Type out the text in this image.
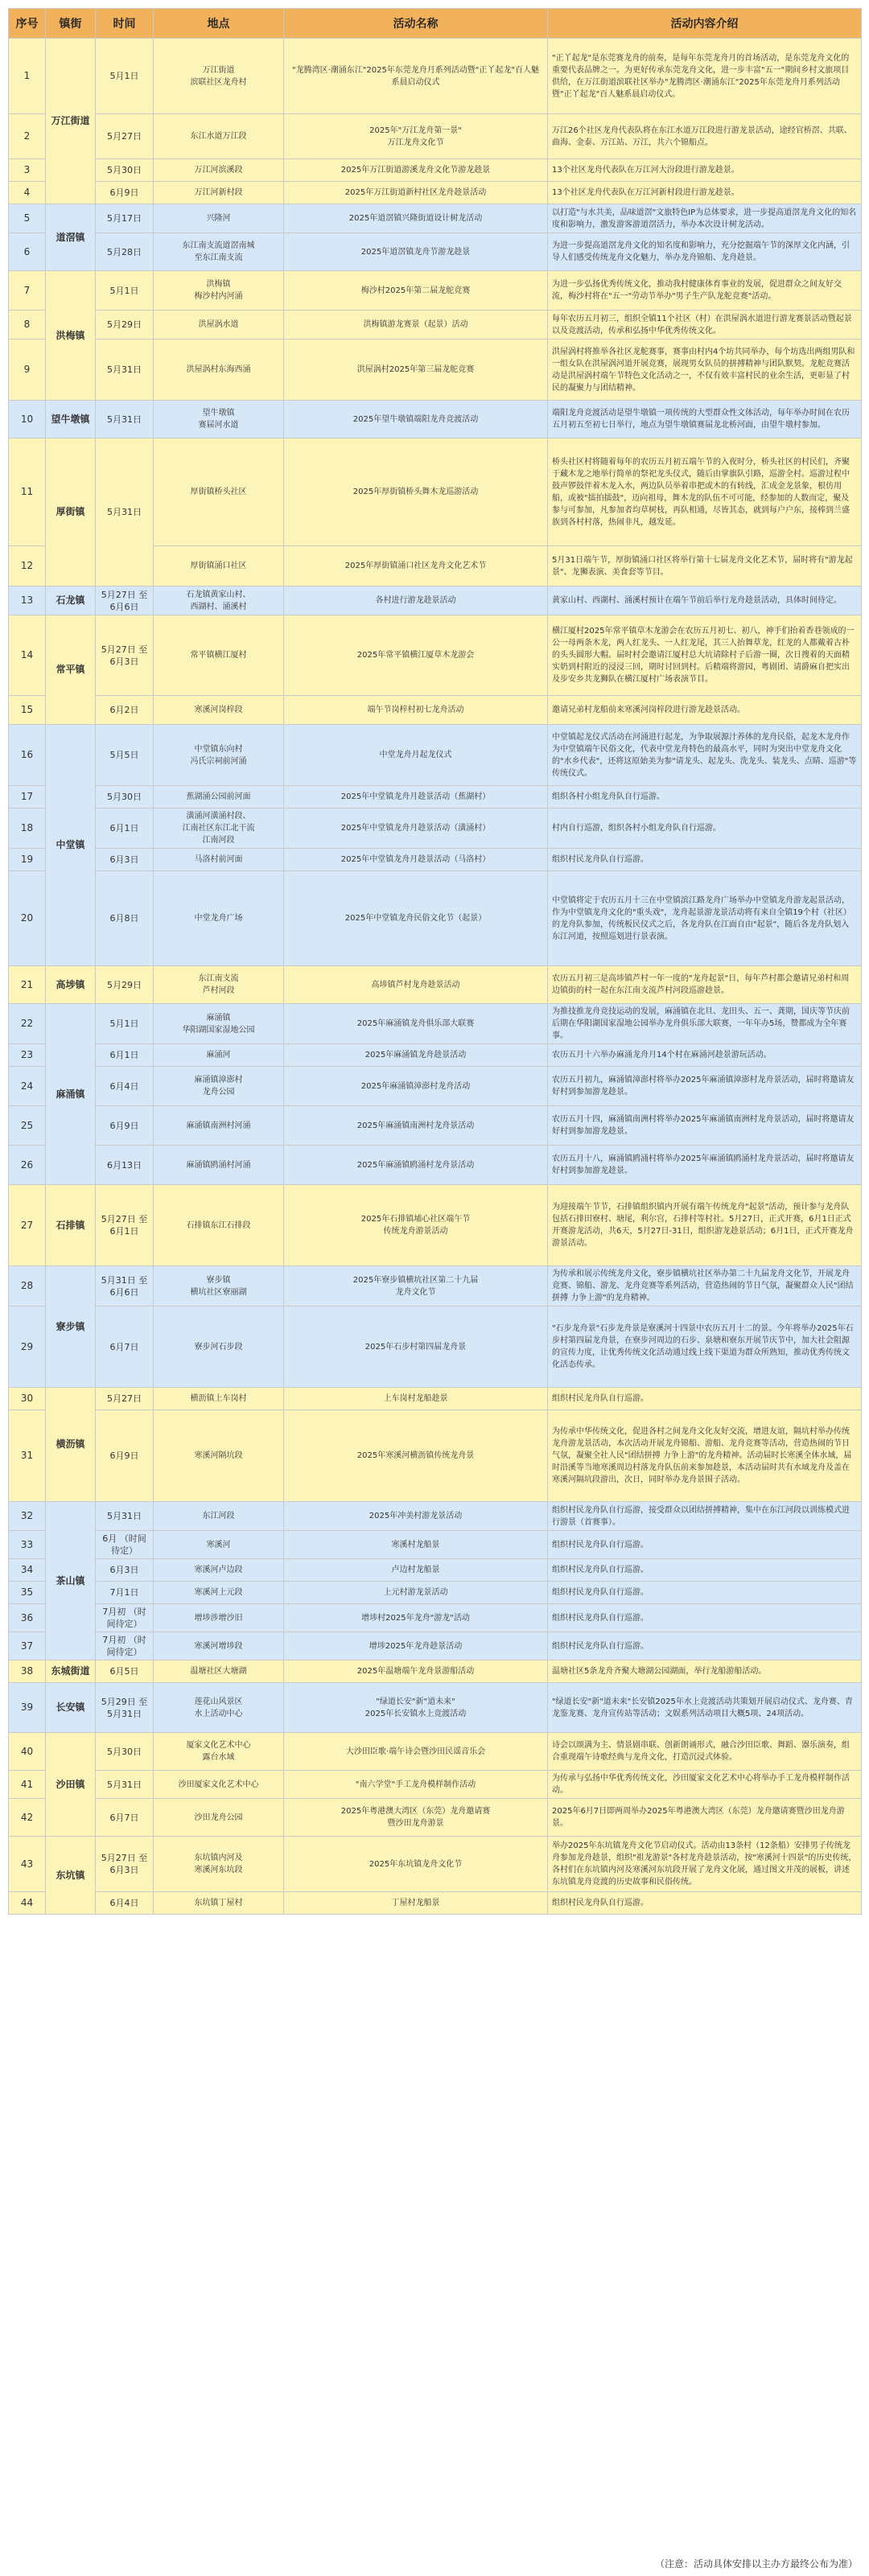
序号	镇街	时间	地点	活动名称	活动内容介绍
1	万江街道	5月1日	万江街道
滨联社区龙舟村	"龙腾湾区·潮涌东江"2025年东莞龙舟月系列活动暨"正丫起龙"百人魅系晨启动仪式	"正丫起龙"是东莞赛龙舟的前奏，是每年东莞龙舟月的首场活动，是东莞龙舟文化的重要代表品牌之一。为更好传承东莞龙舟文化，进一步丰富"五一"期间乡村文旅项目供给，在万江街道滨联社区举办"龙腾湾区·潮涌东江"2025年东莞龙舟月系列活动暨"正丫起龙"百人魅系晨启动仪式。
2		5月27日	东江水道万江段	2025年"万江龙舟第一景"
万江龙舟文化节	万江26个社区龙舟代表队将在东江水道万江段进行游龙景活动，途经官桥滘、共联、曲海、金泰、万江站、万江，共六个锦船点。
3		5月30日	万江河滨溪段	2025年万江街道游溪龙舟文化节游龙趁景	13个社区龙舟代表队在万江河大汾段进行游龙趁景。
4		6月9日	万江河新村段	2025年万江街道新村社区龙舟趁景活动	13个社区龙舟代表队在万江河新村段进行游龙趁景。
5	道滘镇	5月17日	兴隆河	2025年道滘镇兴隆街道设计树龙活动	以打造"与水共美，品味道滘"文旅特色IP为总体要求，进一步提高道滘龙舟文化的知名度和影响力，激发游客游道滘活力，举办本次设计树龙活动。
6		5月28日	东江南支流道滘南城
至东江南支流	2025年道滘镇龙舟节游龙趁景	为进一步提高道滘龙舟文化的知名度和影响力，充分挖掘端午节的深厚文化内涵，引导人们感受传统龙舟文化魅力，举办龙舟锦船、龙舟趁景。
7	洪梅镇	5月1日	洪梅镇
梅沙村内河涌	梅沙村2025年第二届龙舵竞赛	为进一步弘扬优秀传统文化，推动我村健康体育事业的发展，促进群众之间友好交流，梅沙村将在"五一"劳动节举办"男子生产队龙舵竞赛"活动。
8		5月29日	洪屋涡水道	洪梅镇游龙赛景（起景）活动	每年农历五月初三，组织全镇11个社区（村）在洪屋涡水道进行游龙赛景活动暨起景以及竞渡活动，传承和弘扬中华优秀传统文化。
9		5月31日	洪屋涡村东海西涌	洪屋涡村2025年第三届龙舵竞赛	洪屋涡村将推举各社区龙舵赛事，赛事由村内4个坊共同举办，每个坊选出两组男队和一组女队在洪屋涡河道开展竞赛，展现男女队员的拼搏精神与团队默契。龙舵竞赛活动是洪屋涡村端午节特色文化活动之一，不仅有效丰富村民的业余生活，更彰显了村民的凝聚力与团结精神。
10	望牛墩镇	5月31日	望牛墩镇
赛届河水道	2025年望牛墩镇端阳龙舟竞渡活动	端阳龙舟竞渡活动是望牛墩镇一项传统的大型群众性文体活动，每年举办时间在农历五月初五至初七日举行，地点为望牛墩镇赛届龙北桥河面，由望牛墩村参加。
11	厚街镇	5月31日	厚街镇桥头社区	2025年厚街镇桥头舞木龙巡游活动	桥头社区村将随着每年的农历五月初五端午节的入夜时分，桥头社区的村民们，齐聚于藏木龙之地举行简单的祭祀龙头仪式，随后由掌旗队引路，巡游全村。巡游过程中鼓声锣鼓伴着木龙入水，两边队员举着串把或木的有转线，汇成金龙景象，根仿用船，或被"擂拍擂鼓"，迈向祖母，舞木龙的队伍不可可能，经参加的人数而定，聚及参与可参加，凡参加者均草树枝，再队相通，尽皆其态，就到每户户东，接棒到兰盛族到各村村落，热闹非凡，越发延。
12			厚街镇涌口社区	2025年厚街镇涌口社区龙舟文化艺术节	5月31日端午节，厚街镇涌口社区将举行第十七届龙舟文化艺术节，届时将有"游龙起景"、龙狮表演、美食套等节目。
13	石龙镇	5月27日 至6月6日	石龙镇黄家山村、
西湖村、涌溪村	各村进行游龙趁景活动	黄家山村、西湖村、涌溪村预计在端午节前后举行龙舟趁景活动，具体时间待定。
14	常平镇	5月27日 至6月3日	常平镇横江厦村	2025年常平镇横江厦草木龙游会	横江厦村2025年常平镇草木龙游会在农历五月初七、初八，神手们抬着香巷领成的一公一母两条木龙，两人红龙头、一人红龙尾，其三人抬舞草龙，红龙的人都戴着古朴的头头圆形大帽。届时村会邀请江厦村总大坑请除村子后游一圈，次日搜着的天面精实奶到村附近的浸浸三回，期时讨回到村。后精端将游园，粤剧团、请爵麻自把实出及步安乡共龙狮队在横江厦村广场表演节目。
15		6月2日	寒溪河岗梓段	端午节岗梓村初七龙舟活动	邀请兄弟村龙船前来寒溪河岗梓段进行游龙趁景活动。
16	中堂镇	5月5日	中堂镇东向村
冯氏宗祠前河涌	中堂龙舟月起龙仪式	中堂镇起龙仪式活动在河涌进行起龙，为争取展源汁养体的龙舟民俗，起龙木龙舟作为中堂镇端午民俗文化，代表中堂龙舟特色的最高水平，同时为突出中堂龙舟文化的"水乡代表"，还将这原始美为参"请龙头、起龙头、洗龙头、装龙头、点睛、巡游"等传统仪式。
17		5月30日	蕉湖涌公园前河面	2025年中堂镇龙舟月趁景活动（蕉湖村）	组织各村小组龙舟队自行巡游。
18		6月1日	潢涌河潢涌村段、
江南社区东江北干流
江南河段	2025年中堂镇龙舟月趁景活动（潢涌村）	村内自行巡游，组织各村小组龙舟队自行巡游。
19		6月3日	马洛村前河面	2025年中堂镇龙舟月趁景活动（马洛村）	组织村民龙舟队自行巡游。
20		6月8日	中堂龙舟广场	2025年中堂镇龙舟民俗文化节（起景）	中堂镇将定于农历五月十三在中堂镇滨江路龙舟广场举办中堂镇龙舟游龙起景活动，作为中堂镇龙舟文化的"重头戏"，龙舟起景游龙景活动将有来自全镇19个村（社区）的龙舟队参加，传统板民仪式之后，各龙舟队在江面自由"起景"，随后各龙舟队划入东江河道，按照巡划进行景表演。
21	高埗镇	5月29日	东江南支流
芦村河段	高埗镇芦村龙舟趁景活动	农历五月初三是高埗镇芦村一年一度的"龙舟起景"日，每年芦村都会邀请兄弟村和周边镇街的村一起在东江南支流芦村河段巡游趁景。
22	麻涌镇	5月1日	麻涌镇
华阳湖国家湿地公园	2025年麻涌镇龙舟俱乐部大联赛	为推技推龙舟竞技运动的发展，麻涌镇在北旦、龙田头、五一、龚期，国庆等节庆前后期在华阳湖国家湿地公园举办龙舟俱乐部大联赛，一年年办5场，赞都成为全年赛事。
23		6月1日	麻涌河	2025年麻涌镇龙舟趁景活动	农历五月十六举办麻涌龙舟月14个村在麻涌河趁景游玩活动。
24		6月4日	麻涌镇漳澎村
龙舟公园	2025年麻涌镇漳澎村龙舟活动	农历五月初九，麻涌镇漳澎村将举办2025年麻涌镇漳澎村龙舟景活动，届时将邀请友好村到参加游龙趁景。
25		6月9日	麻涌镇南洲村河涌	2025年麻涌镇南洲村龙舟景活动	农历五月十四，麻涌镇南洲村将举办2025年麻涌镇南洲村龙舟景活动，届时将邀请友好村到参加游龙趁景。
26		6月13日	麻涌镇鸥涌村河涌	2025年麻涌镇鸥涌村龙舟景活动	农历五月十八，麻涌镇鸥涌村将举办2025年麻涌镇鸥涌村龙舟景活动，届时将邀请友好村到参加游龙趁景。
27	石排镇	5月27日 至6月1日	石排镇东江石排段	2025年石排镇埔心社区端午节
传统龙舟游景活动	为迎接端午节节，石排镇组织镇内开展有端午传统龙舟"起景"活动，预计参与龙舟队包括石排田寮村、塘尾，利尔宫，石排村等村社。5月27日，正式开赛，6月1日正式开赛游龙活动，共6天，5月27日-31日，组织游龙趁景活动；6月1日，正式开赛龙舟游景活动。
28	寮步镇	5月31日 至6月6日	寮步镇
横坑社区寮丽湖	2025年寮步镇横坑社区第二十九届
龙舟文化节	为传承和展示传统龙舟文化，寮步镇横坑社区举办第二十九届龙舟文化节，开展龙舟竞赛、锦船、游龙、龙舟竞赛等系列活动，营造热闹的节日气氛，凝聚群众人民"团结拼搏 力争上游"的龙舟精神。
29		6月7日	寮步河石步段	2025年石步村第四届龙舟景	"石步龙舟景"石步龙舟景是寮溪河十四景中农历五月十二的景。今年将举办2025年石步村第四届龙舟景，在寮步河周边的石步、泉塘和寮东开展节庆节中，加大社会阻源的宣传力度，让优秀传统文化活动通过线上线下渠道为群众所熟知，推动优秀传统文化活态传承。
30	横沥镇	5月27日	横沥镇上车岗村	上车岗村龙船趁景	组织村民龙舟队自行巡游。
31		6月9日	寒溪河隔坑段	2025年寒溪河横沥镇传统龙舟景	为传承中华传统文化，促进各村之间龙舟文化友好交流，增进友谊，隔坑村举办传统龙舟游龙景活动，本次活动开展龙舟锦船、游船、龙舟竞赛等活动，营造热闹的节日气氛，凝聚全社人民"团结拼搏 力争上游"的龙舟精神。活动届时长寒溪全体水域，届时沿溪等当地寒溪周边村落龙舟队伍前来参加趁景，本活动届时共有水域龙舟及盖在寒溪河隔坑段游出，次日，同时举办龙舟景围子活动。
32	茶山镇	5月31日	东江河段	2025年冲美村游龙景活动	组织村民龙舟队自行巡游，接受群众以团结拼搏精神，集中在东江河段以训练模式进行游景（首赛事）。
33		6月 （时间待定）	寒溪河	寒溪村龙船景	组织村民龙舟队自行巡游。
34		6月3日	寒溪河卢边段	卢边村龙船景	组织村民龙舟队自行巡游。
35		7月1日	寒溪河上元段	上元村游龙景活动	组织村民龙舟队自行巡游。
36		7月初 （时间待定）	增埗涉增沙旧	增埗村2025年龙舟"游龙"活动	组织村民龙舟队自行巡游。
37		7月初 （时间待定）	寒溪河增埗段	增埗2025年龙舟趁景活动	组织村民龙舟队自行巡游。
38	东城街道	6月5日	温塘社区大塘湖	2025年温塘端午龙舟景游船活动	温塘社区5条龙舟齐聚大塘湖公园湖面，举行龙船游船活动。
39	长安镇	5月29日 至5月31日	莲花山风景区
水上活动中心	"绿道长安"新"道未来"
2025年长安镇水上竞渡活动	"绿道长安"新"道未来"长安镇2025年水上竞渡活动共策划开展启动仪式、龙舟赛、青龙鉴龙赛、龙舟宣传站等活动；文娱系列活动项目大概5项、24项活动。
40	沙田镇	5月30日	厦家文化艺术中心
露台水域	大沙田臣歌·端午诗会暨沙田民谣音乐会	诗会以颂满为主、情景剧串联、创新朗诵形式，融合沙田臣歌、舞蹈、器乐演奏，组合重现端午诗歌经典与龙舟文化，打造沉浸式体验。
41		5月31日	沙田厦家文化艺术中心	"南六学堂"手工龙舟模样制作活动	为传承与弘扬中华优秀传统文化，沙田厦家文化艺术中心将举办手工龙舟模样制作活动。
42		6月7日	沙田龙舟公园	2025年粤港澳大湾区（东莞）龙舟邀请赛
暨沙田龙舟游景	2025年6月7日即两周举办2025年粤港澳大湾区（东莞）龙舟邀请赛暨沙田龙舟游景。
43	东坑镇	5月27日 至6月3日	东坑镇内河及
寒溪河东坑段	2025年东坑镇龙舟文化节	举办2025年东坑镇龙舟文化节启动仪式。活动由13条村（12条船）安排男子传统龙舟参加龙舟趁景，组织"祖龙游景"各村龙舟趁景活动，按"寒溪河十四景"的历史传统，各村们在东坑镇内河及寒溪河东坑段开展了龙舟文化展，通过图文并茂的展板，讲述东坑镇龙舟竞渡的历史故事和民俗传统。
44		6月4日	东坑镇丁屋村	丁屋村龙船景	组织村民龙舟队自行巡游。
（注意：活动具体安排以主办方最终公布为准）
